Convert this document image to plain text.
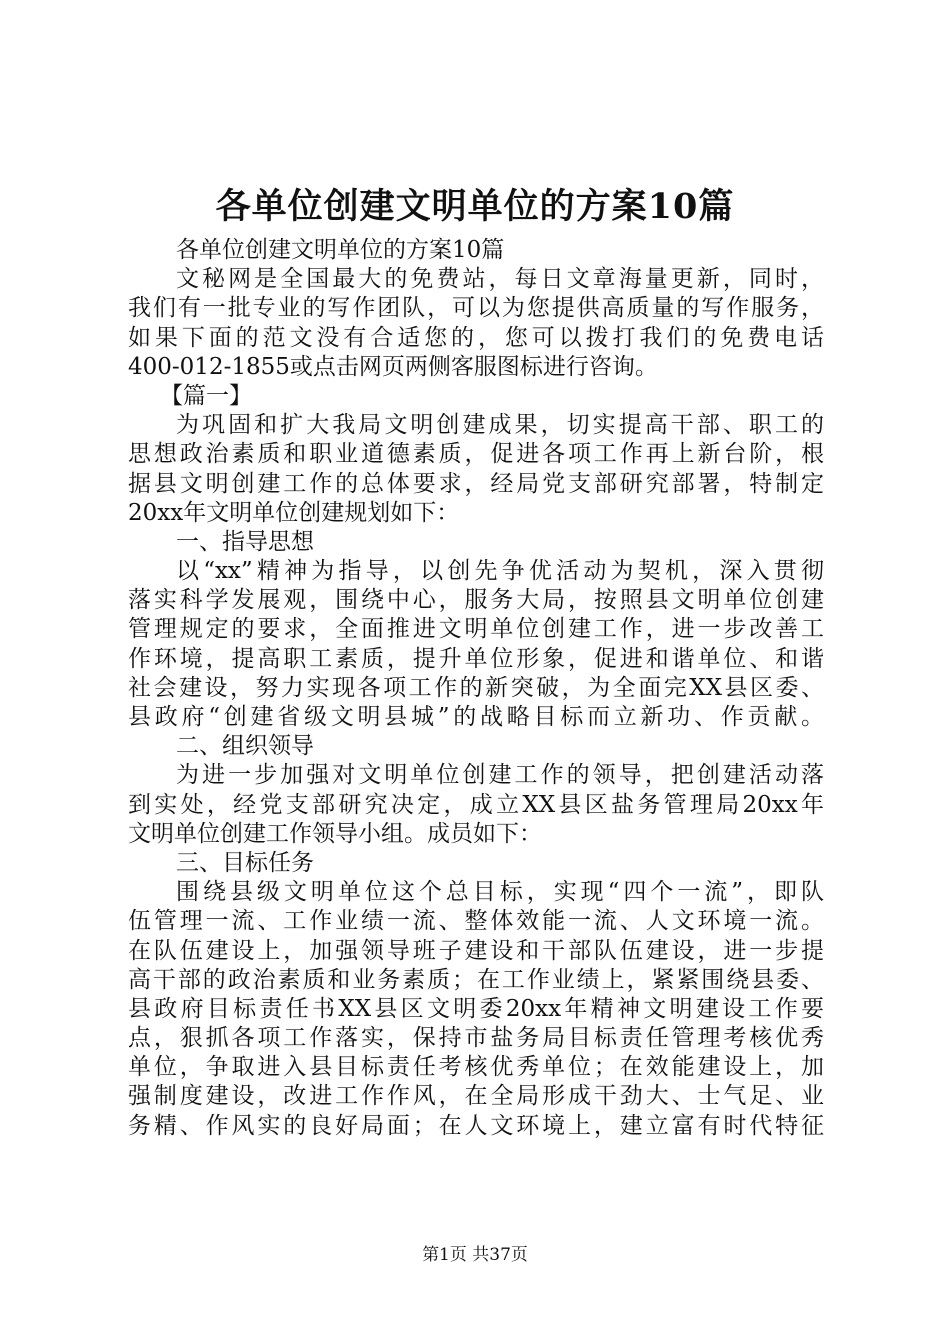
各单位创建文明单位的方案10篇
各单位创建文明单位的方案10篇
文秘网是全国最大的免费站，每日文章海量更新，同时，
我们有一批专业的写作团队，可以为您提供高质量的写作服务，
如果下面的范文没有合适您的，您可以拨打我们的免费电话
400-012-1855或点击网页两侧客服图标进行咨询。
【篇一】
为巩固和扩大我局文明创建成果，切实提高干部、职工的
思想政治素质和职业道德素质，促进各项工作再上新台阶，根
据县文明创建工作的总体要求，经局党支部研究部署，特制定
20xx年文明单位创建规划如下：
一、指导思想
以“xx”精神为指导，以创先争优活动为契机，深入贯彻
落实科学发展观，围绕中心，服务大局，按照县文明单位创建
管理规定的要求，全面推进文明单位创建工作，进一步改善工
作环境，提高职工素质，提升单位形象，促进和谐单位、和谐
社会建设，努力实现各项工作的新突破，为全面完XX县区委、
县政府“创建省级文明县城”的战略目标而立新功、作贡献。
二、组织领导
为进一步加强对文明单位创建工作的领导，把创建活动落
到实处，经党支部研究决定，成立XX县区盐务管理局20xx年
文明单位创建工作领导小组。成员如下：
三、目标任务
围绕县级文明单位这个总目标，实现“四个一流”，即队
伍管理一流、工作业绩一流、整体效能一流、人文环境一流。
在队伍建设上，加强领导班子建设和干部队伍建设，进一步提
高干部的政治素质和业务素质；在工作业绩上，紧紧围绕县委、
县政府目标责任书XX县区文明委20xx年精神文明建设工作要
点，狠抓各项工作落实，保持市盐务局目标责任管理考核优秀
单位，争取进入县目标责任考核优秀单位；在效能建设上，加
强制度建设，改进工作作风，在全局形成干劲大、士气足、业
务精、作风实的良好局面；在人文环境上，建立富有时代特征
第1页 共37页
